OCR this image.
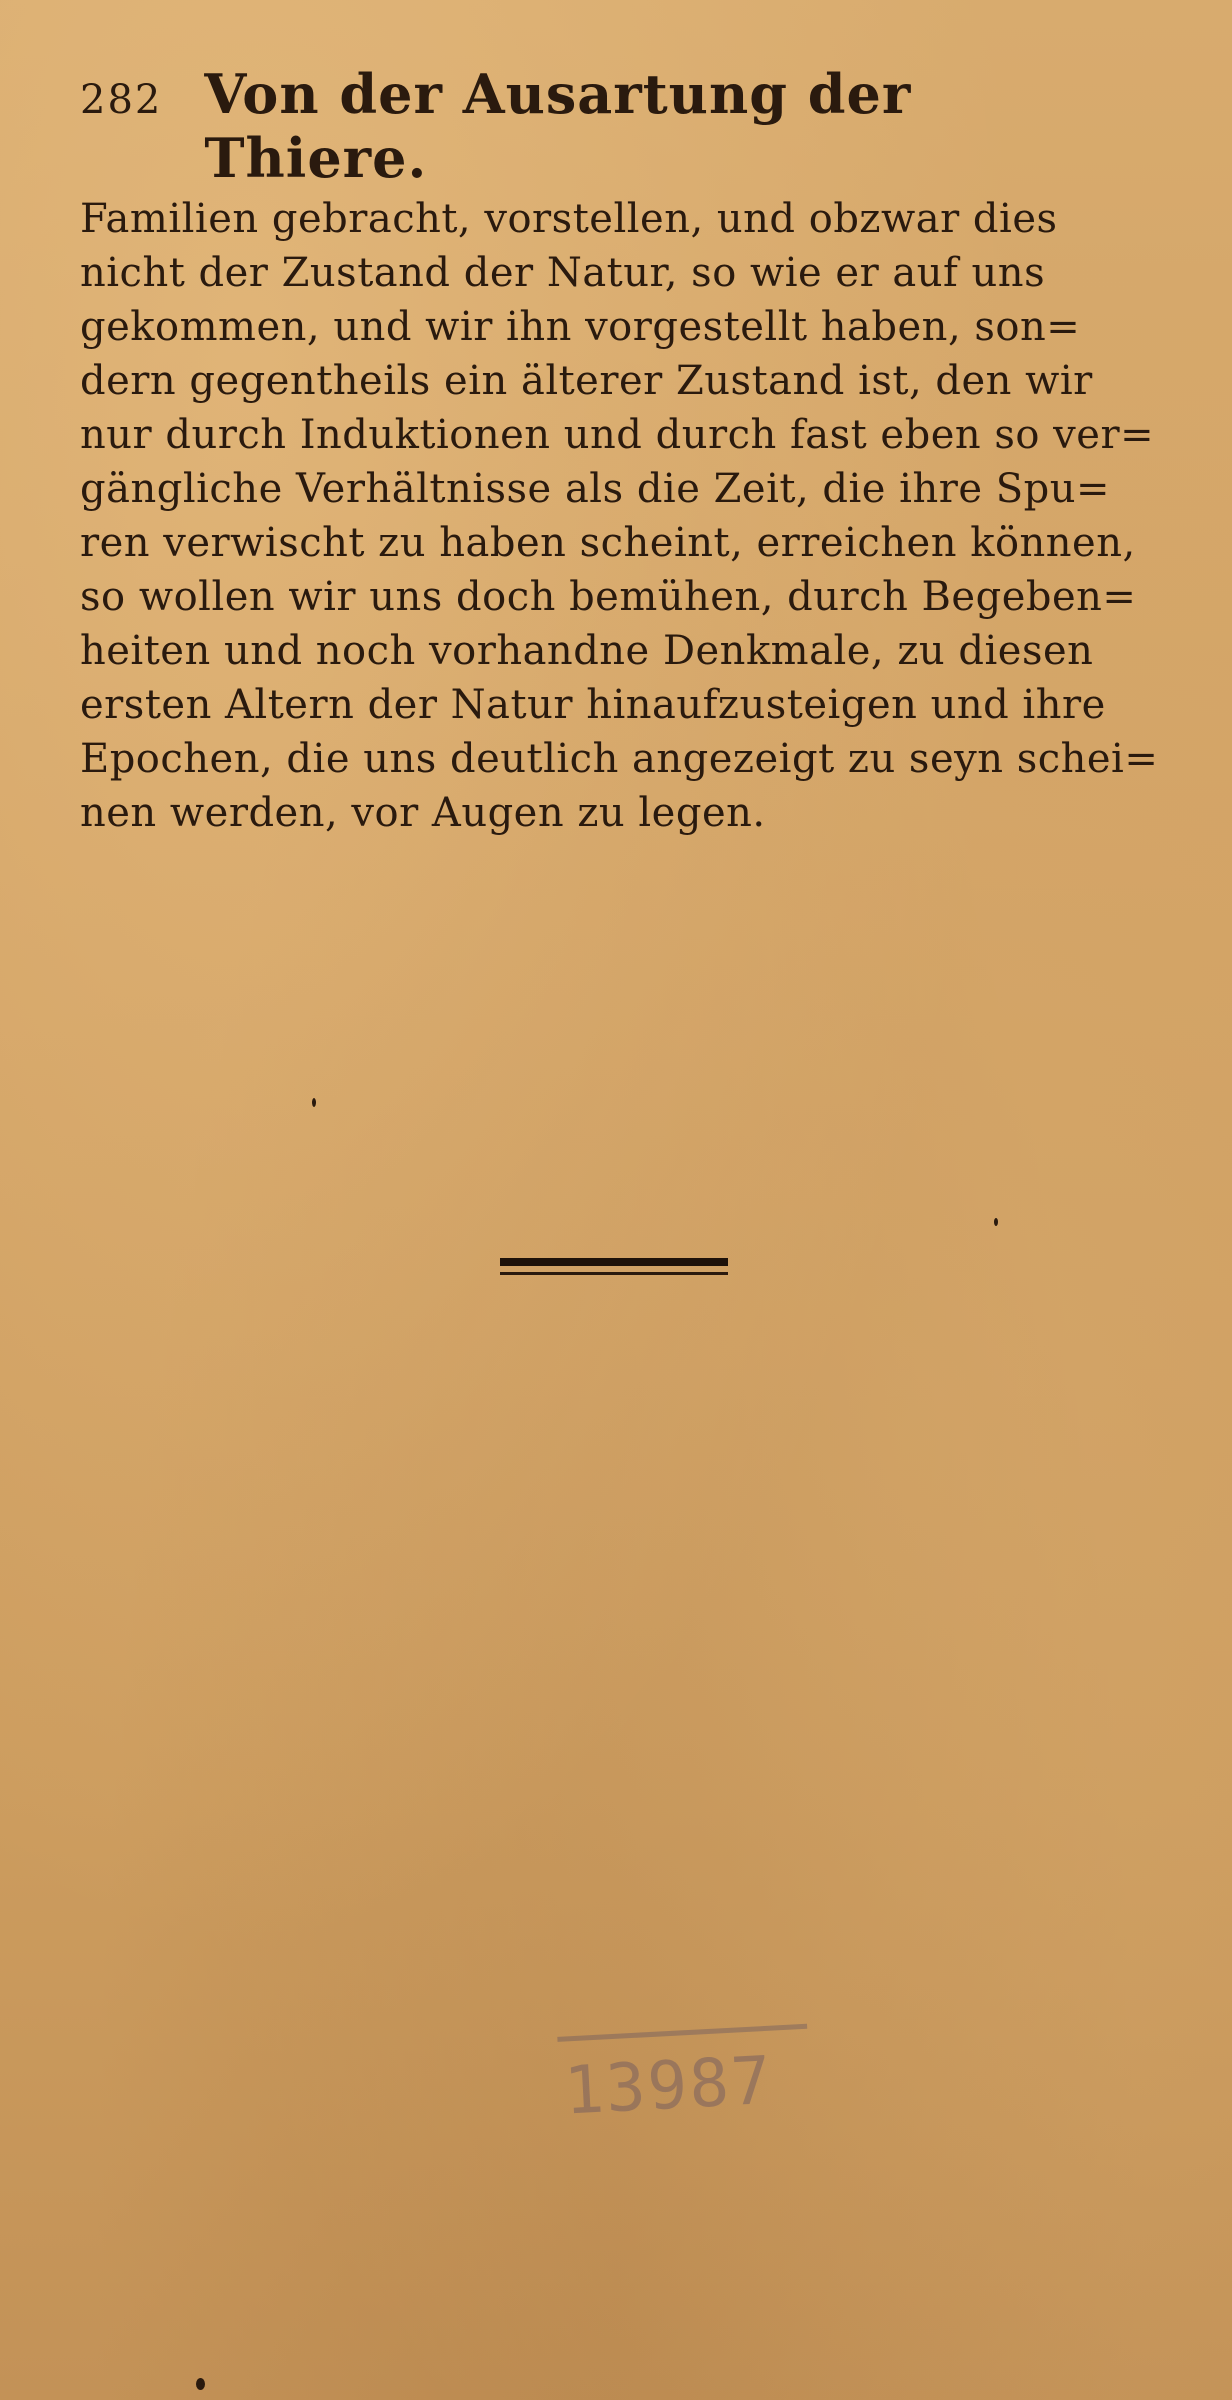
282 Von der Ausartung der Thiere.

Familien gebracht, vorstellen, und obzwar dies
nicht der Zustand der Natur, so wie er auf uns
gekommen, und wir ihn vorgestellt haben, son=
dern gegentheils ein älterer Zustand ist, den wir
nur durch Induktionen und durch fast eben so ver=
gängliche Verhältnisse als die Zeit, die ihre Spu=
ren verwischt zu haben scheint, erreichen können,
so wollen wir uns doch bemühen, durch Begeben=
heiten und noch vorhandne Denkmale, zu diesen
ersten Altern der Natur hinaufzusteigen und ihre
Epochen, die uns deutlich angezeigt zu seyn schei=
nen werden, vor Augen zu legen.

13987
